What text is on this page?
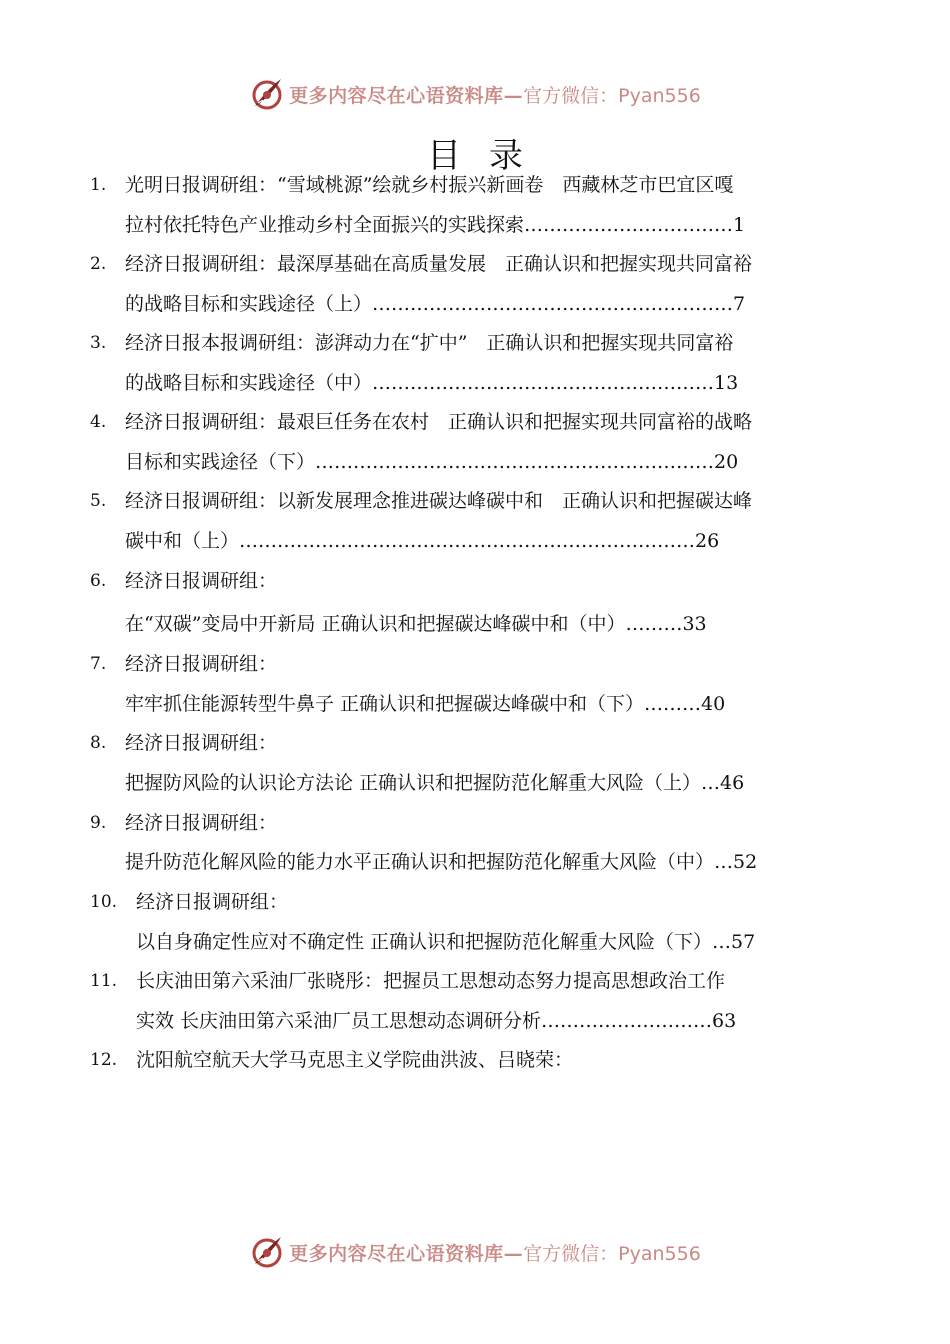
更多内容尽在心语资料库— 官方微信：Pyan556
目录
1. 光明日报调研组：“雪域桃源”绘就乡村振兴新画卷　西藏林芝市巴宜区嘎
拉村依托特色产业推动乡村全面振兴的实践探索……………………………1
2. 经济日报调研组：最深厚基础在高质量发展　正确认识和把握实现共同富裕
的战略目标和实践途径（上）…………………………………………………7
3. 经济日报本报调研组：澎湃动力在“扩中”　正确认识和把握实现共同富裕
的战略目标和实践途径（中）………………………………………………13
4. 经济日报调研组：最艰巨任务在农村　正确认识和把握实现共同富裕的战略
目标和实践途径（下）………………………………………………………20
5. 经济日报调研组：以新发展理念推进碳达峰碳中和　正确认识和把握碳达峰
碳中和（上）………………………………………………………………26
6. 经济日报调研组：
在“双碳”变局中开新局 正确认识和把握碳达峰碳中和（中）………33
7. 经济日报调研组：
牢牢抓住能源转型牛鼻子 正确认识和把握碳达峰碳中和（下）………40
8. 经济日报调研组：
把握防风险的认识论方法论 正确认识和把握防范化解重大风险（上）…46
9. 经济日报调研组：
提升防范化解风险的能力水平正确认识和把握防范化解重大风险（中）…52
10. 经济日报调研组：
以自身确定性应对不确定性 正确认识和把握防范化解重大风险（下）…57
11. 长庆油田第六采油厂张晓彤：把握员工思想动态努力提高思想政治工作
实效 长庆油田第六采油厂员工思想动态调研分析………………………63
12. 沈阳航空航天大学马克思主义学院曲洪波、吕晓荣：
更多内容尽在心语资料库— 官方微信：Pyan556
